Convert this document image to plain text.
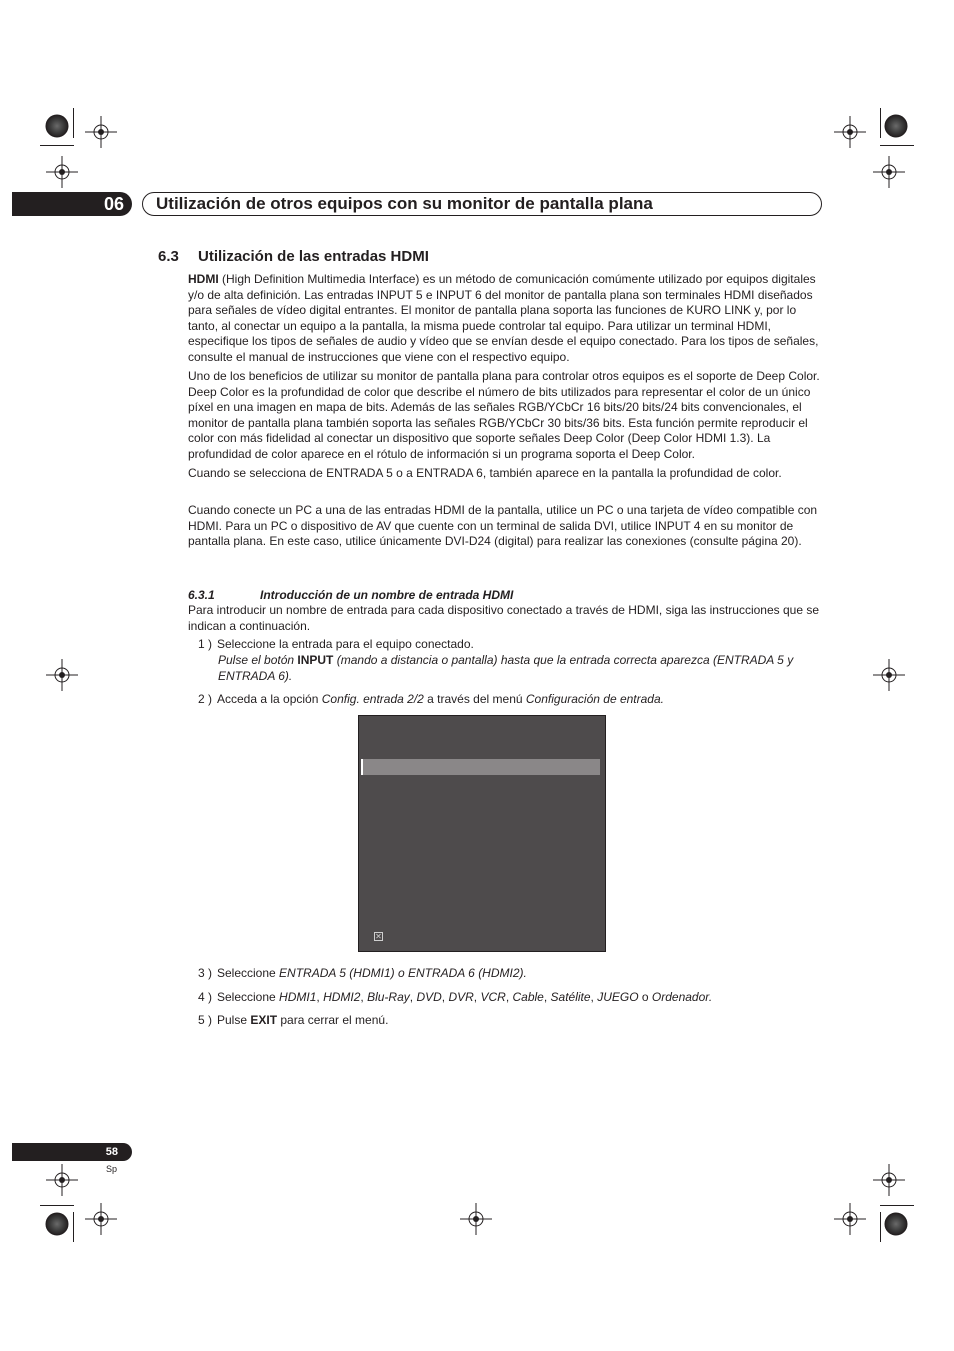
06	Utilización de otros equipos con su monitor de pantalla plana
6.3 Utilización de las entradas HDMI
HDMI (High Definition Multimedia Interface) es un método de comunicación comúmente utilizado por equipos digitales y/o de alta definición. Las entradas INPUT 5 e INPUT 6 del monitor de pantalla plana son terminales HDMI diseñados para señales de vídeo digital entrantes. El monitor de pantalla plana soporta las funciones de KURO LINK y, por lo tanto, al conectar un equipo a la pantalla, la misma puede controlar tal equipo. Para utilizar un terminal HDMI, especifique los tipos de señales de audio y vídeo que se envían desde el equipo conectado. Para los tipos de señales, consulte el manual de instrucciones que viene con el respectivo equipo.
Uno de los beneficios de utilizar su monitor de pantalla plana para controlar otros equipos es el soporte de Deep Color. Deep Color es la profundidad de color que describe el número de bits utilizados para representar el color de un único píxel en una imagen en mapa de bits. Además de las señales RGB/YCbCr 16 bits/20 bits/24 bits convencionales, el monitor de pantalla plana también soporta las señales RGB/YCbCr 30 bits/36 bits. Esta función permite reproducir el color con más fidelidad al conectar un dispositivo que soporte señales Deep Color (Deep Color HDMI 1.3). La profundidad de color aparece en el rótulo de información si un programa soporta el Deep Color.
Cuando se selecciona de ENTRADA 5 o a ENTRADA 6, también aparece en la pantalla la profundidad de color.
Cuando conecte un PC a una de las entradas HDMI de la pantalla, utilice un PC o una tarjeta de vídeo compatible con HDMI. Para un PC o dispositivo de AV que cuente con un terminal de salida DVI, utilice INPUT 4 en su monitor de pantalla plana. En este caso, utilice únicamente DVI-D24 (digital) para realizar las conexiones (consulte página 20).
6.3.1	Introducción de un nombre de entrada HDMI
Para introducir un nombre de entrada para cada dispositivo conectado a través de HDMI, siga las instrucciones que se indican a continuación.
1 ) Seleccione la entrada para el equipo conectado.
Pulse el botón INPUT (mando a distancia o pantalla) hasta que la entrada correcta aparezca (ENTRADA 5 y ENTRADA 6).
2 ) Acceda a la opción Config. entrada 2/2 a través del menú Configuración de entrada.
✕
3 ) Seleccione ENTRADA 5 (HDMI1) o ENTRADA 6 (HDMI2).
4 ) Seleccione HDMI1, HDMI2, Blu-Ray, DVD, DVR, VCR, Cable, Satélite, JUEGO o Ordenador.
5 ) Pulse EXIT para cerrar el menú.
58
Sp
